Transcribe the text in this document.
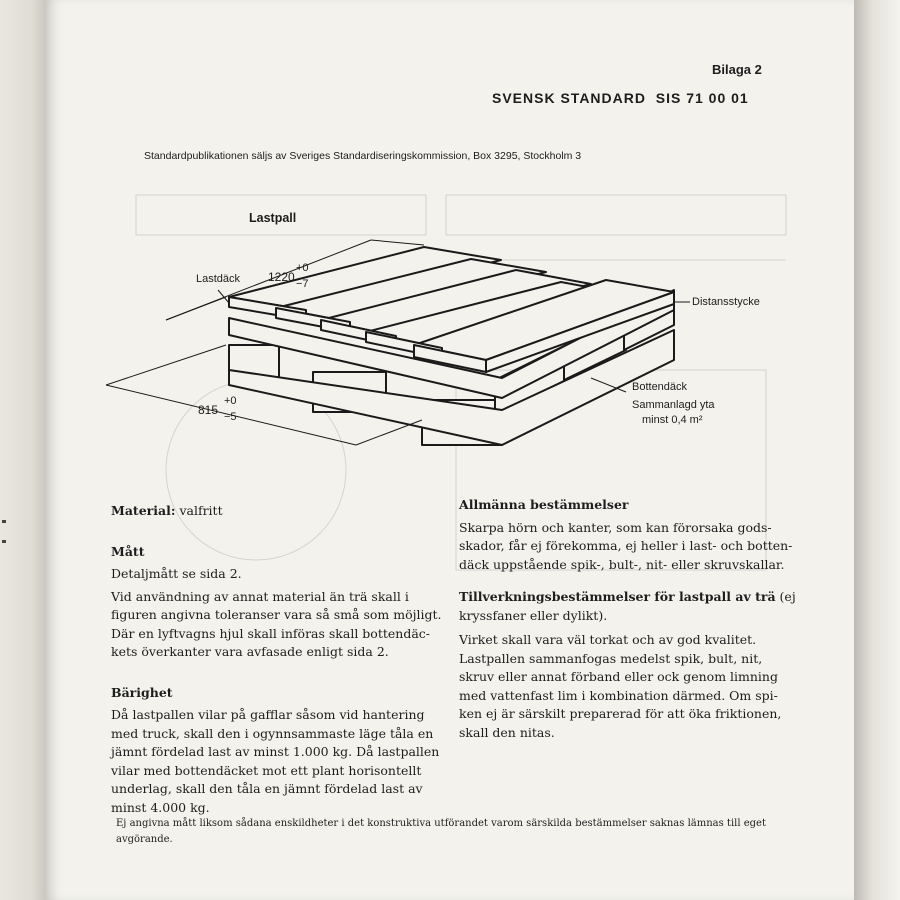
Bilaga 2

SVENSK STANDARD  SIS 71 00 01

Standardpublikationen säljs av Sveriges Standardiseringskommission, Box 3295, Stockholm 3

Lastpall

Lastdäck 1220
+0
−7
Distansstycke
815
+0
−5
Bottendäck
Sammanlagd yta
minst 0,4 m²

Material: valfritt

Mått

Detaljmått se sida 2.

Vid användning av annat material än trä skall i

figuren angivna toleranser vara så små som möjligt.

Där en lyftvagns hjul skall införas skall bottendäc-

kets överkanter vara avfasade enligt sida 2.

Bärighet

Då lastpallen vilar på gafflar såsom vid hantering

med truck, skall den i ogynnsammaste läge tåla en

jämnt fördelad last av minst 1.000 kg. Då lastpallen

vilar med bottendäcket mot ett plant horisontellt

underlag, skall den tåla en jämnt fördelad last av

minst 4.000 kg.

Allmänna bestämmelser

Skarpa hörn och kanter, som kan förorsaka gods-

skador, får ej förekomma, ej heller i last- och botten-

däck uppstående spik-, bult-, nit- eller skruvskallar.

Tillverkningsbestämmelser för lastpall av trä (ej

kryssfaner eller dylikt).

Virket skall vara väl torkat och av god kvalitet.

Lastpallen sammanfogas medelst spik, bult, nit,

skruv eller annat förband eller ock genom limning

med vattenfast lim i kombination därmed. Om spi-

ken ej är särskilt preparerad för att öka friktionen,

skall den nitas.

Ej angivna mått liksom sådana enskildheter i det konstruktiva utförandet varom särskilda bestämmelser saknas lämnas till eget

avgörande.
